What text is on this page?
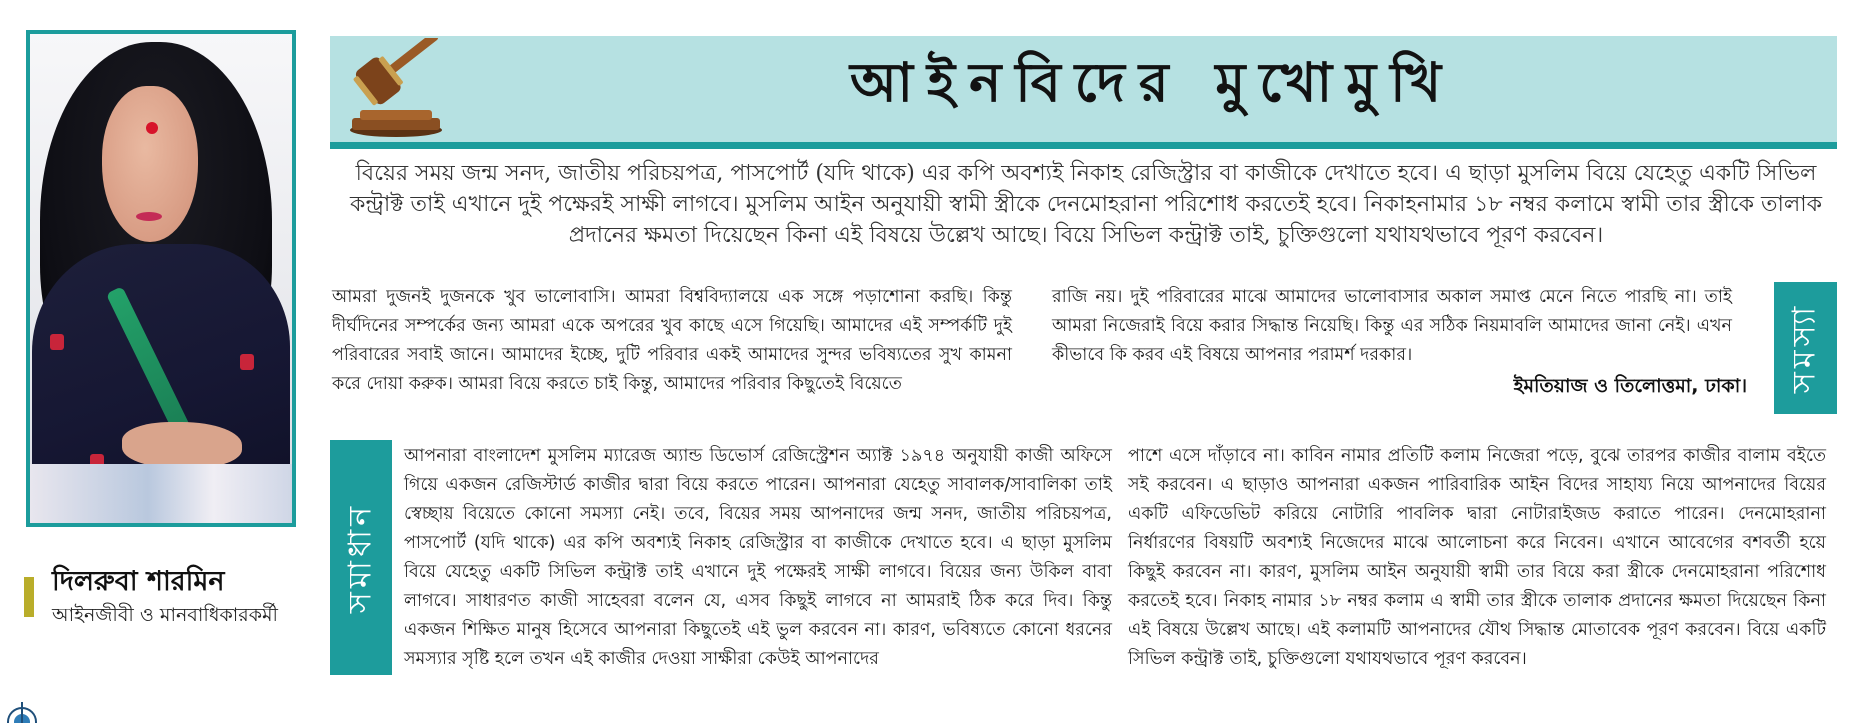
দিলরুবা শারমিন
আইনজীবী ও মানবাধিকারকর্মী
আইনবিদের মুখোমুখি

বিয়ের সময় জন্ম সনদ, জাতীয় পরিচয়পত্র, পাসপোর্ট (যদি থাকে) এর কপি অবশ্যই নিকাহ রেজিস্ট্রার বা কাজীকে দেখাতে হবে। এ ছাড়া মুসলিম বিয়ে যেহেতু একটি সিভিল কন্ট্রাক্ট তাই এখানে দুই পক্ষেরই সাক্ষী লাগবে। মুসলিম আইন অনুযায়ী স্বামী স্ত্রীকে দেনমোহরানা পরিশোধ করতেই হবে। নিকাহনামার ১৮ নম্বর কলামে স্বামী তার স্ত্রীকে তালাক প্রদানের ক্ষমতা দিয়েছেন কিনা এই বিষয়ে উল্লেখ আছে। বিয়ে সিভিল কন্ট্রাক্ট তাই, চুক্তিগুলো যথাযথভাবে পূরণ করবেন।

আমরা দুজনই দুজনকে খুব ভালোবাসি। আমরা বিশ্ববিদ্যালয়ে এক সঙ্গে পড়াশোনা করছি। কিন্তু দীর্ঘদিনের সম্পর্কের জন্য আমরা একে অপরের খুব কাছে এসে গিয়েছি। আমাদের এই সম্পর্কটি দুই পরিবারের সবাই জানে। আমাদের ইচ্ছে, দুটি পরিবার একই আমাদের সুন্দর ভবিষ্যতের সুখ কামনা করে দোয়া করুক। আমরা বিয়ে করতে চাই কিন্তু, আমাদের পরিবার কিছুতেই বিয়েতে

রাজি নয়। দুই পরিবারের মাঝে আমাদের ভালোবাসার অকাল সমাপ্ত মেনে নিতে পারছি না। তাই আমরা নিজেরাই বিয়ে করার সিদ্ধান্ত নিয়েছি। কিন্তু এর সঠিক নিয়মাবলি আমাদের জানা নেই। এখন কীভাবে কি করব এই বিষয়ে আপনার পরামর্শ দরকার।

ইমতিয়াজ ও তিলোত্তমা, ঢাকা। সমস্যা
সমাধান

আপনারা বাংলাদেশ মুসলিম ম্যারেজ অ্যান্ড ডিভোর্স রেজিস্ট্রেশন অ্যাক্ট ১৯৭৪ অনুযায়ী কাজী অফিসে গিয়ে একজন রেজিস্টার্ড কাজীর দ্বারা বিয়ে করতে পারেন। আপনারা যেহেতু সাবালক/সাবালিকা তাই স্বেচ্ছায় বিয়েতে কোনো সমস্যা নেই। তবে, বিয়ের সময় আপনাদের জন্ম সনদ, জাতীয় পরিচয়পত্র, পাসপোর্ট (যদি থাকে) এর কপি অবশ্যই নিকাহ রেজিস্ট্রার বা কাজীকে দেখাতে হবে। এ ছাড়া মুসলিম বিয়ে যেহেতু একটি সিভিল কন্ট্রাক্ট তাই এখানে দুই পক্ষেরই সাক্ষী লাগবে। বিয়ের জন্য উকিল বাবা লাগবে। সাধারণত কাজী সাহেবরা বলেন যে, এসব কিছুই লাগবে না আমরাই ঠিক করে দিব। কিন্তু একজন শিক্ষিত মানুষ হিসেবে আপনারা কিছুতেই এই ভুল করবেন না। কারণ, ভবিষ্যতে কোনো ধরনের সমস্যার সৃষ্টি হলে তখন এই কাজীর দেওয়া সাক্ষীরা কেউই আপনাদের

পাশে এসে দাঁড়াবে না। কাবিন নামার প্রতিটি কলাম নিজেরা পড়ে, বুঝে তারপর কাজীর বালাম বইতে সই করবেন। এ ছাড়াও আপনারা একজন পারিবারিক আইন বিদের সাহায্য নিয়ে আপনাদের বিয়ের একটি এফিডেভিট করিয়ে নোটারি পাবলিক দ্বারা নোটারাইজড করাতে পারেন। দেনমোহরানা নির্ধারণের বিষয়টি অবশ্যই নিজেদের মাঝে আলোচনা করে নিবেন। এখানে আবেগের বশবর্তী হয়ে কিছুই করবেন না। কারণ, মুসলিম আইন অনুযায়ী স্বামী তার বিয়ে করা স্ত্রীকে দেনমোহরানা পরিশোধ করতেই হবে। নিকাহ নামার ১৮ নম্বর কলাম এ স্বামী তার স্ত্রীকে তালাক প্রদানের ক্ষমতা দিয়েছেন কিনা এই বিষয়ে উল্লেখ আছে। এই কলামটি আপনাদের যৌথ সিদ্ধান্ত মোতাবেক পূরণ করবেন। বিয়ে একটি সিভিল কন্ট্রাক্ট তাই, চুক্তিগুলো যথাযথভাবে পূরণ করবেন।
